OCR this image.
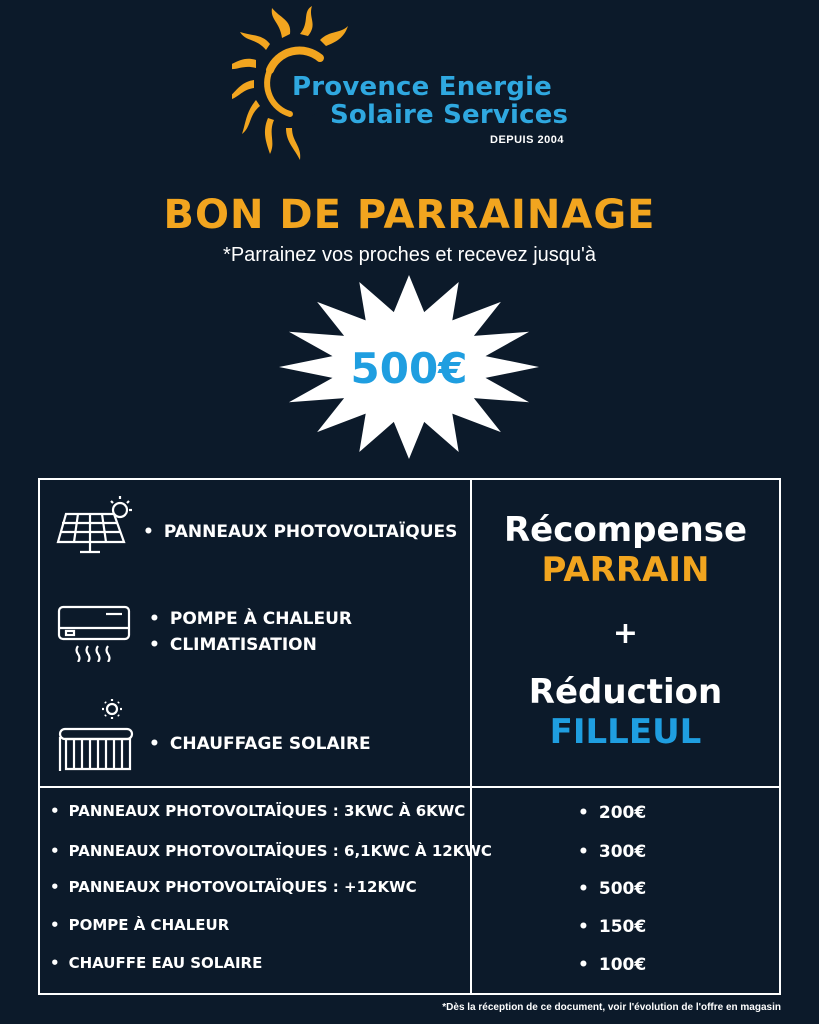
Provence Energie
Solaire Services
DEPUIS 2004
BON DE PARRAINAGE
*Parrainez vos proches et recevez jusqu'à
500€
• PANNEAUX PHOTOVOLTAÏQUES
• POMPE À CHALEUR
• CLIMATISATION
• CHAUFFAGE SOLAIRE
Récompense
PARRAIN
+
Réduction
FILLEUL
• PANNEAUX PHOTOVOLTAÏQUES : 3KWC À 6KWC
• PANNEAUX PHOTOVOLTAÏQUES : 6,1KWC À 12KWC
• PANNEAUX PHOTOVOLTAÏQUES : +12KWC
• POMPE À CHALEUR
• CHAUFFE EAU SOLAIRE
• 200€
• 300€
• 500€
• 150€
• 100€
*Dès la réception de ce document, voir l'évolution de l'offre en magasin
